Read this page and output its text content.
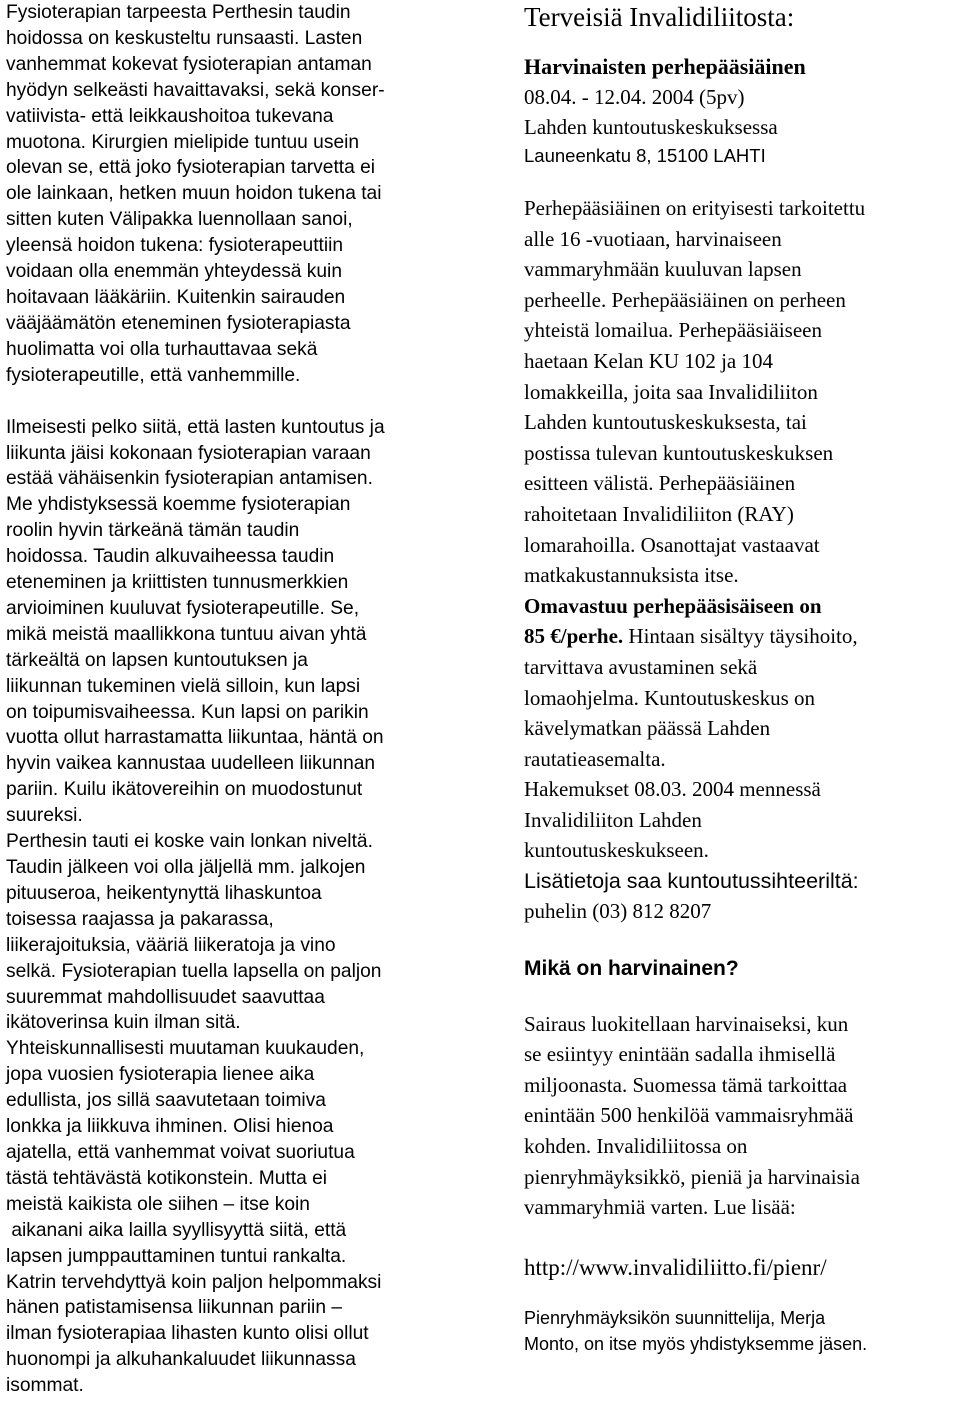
Fysioterapian tarpeesta Perthesin taudin

hoidossa on keskusteltu runsaasti. Lasten

vanhemmat kokevat fysioterapian antaman

hyödyn selkeästi havaittavaksi, sekä konser-

vatiivista- että leikkaushoitoa tukevana

muotona. Kirurgien mielipide tuntuu usein

olevan se, että joko fysioterapian tarvetta ei

ole lainkaan, hetken muun hoidon tukena tai

sitten kuten Välipakka luennollaan sanoi,

yleensä hoidon tukena: fysioterapeuttiin

voidaan olla enemmän yhteydessä kuin

hoitavaan lääkäriin. Kuitenkin sairauden

vääjäämätön eteneminen fysioterapiasta

huolimatta voi olla turhauttavaa sekä

fysioterapeutille, että vanhemmille.

Ilmeisesti pelko siitä, että lasten kuntoutus ja

liikunta jäisi kokonaan fysioterapian varaan

estää vähäisenkin fysioterapian antamisen.

Me yhdistyksessä koemme fysioterapian

roolin hyvin tärkeänä tämän taudin

hoidossa. Taudin alkuvaiheessa taudin

eteneminen ja kriittisten tunnusmerkkien

arvioiminen kuuluvat fysioterapeutille. Se,

mikä meistä maallikkona tuntuu aivan yhtä

tärkeältä on lapsen kuntoutuksen ja

liikunnan tukeminen vielä silloin, kun lapsi

on toipumisvaiheessa. Kun lapsi on parikin

vuotta ollut harrastamatta liikuntaa, häntä on

hyvin vaikea kannustaa uudelleen liikunnan

pariin. Kuilu ikätovereihin on muodostunut

suureksi.

Perthesin tauti ei koske vain lonkan niveltä.

Taudin jälkeen voi olla jäljellä mm. jalkojen

pituuseroa, heikentynyttä lihaskuntoa

toisessa raajassa ja pakarassa,

liikerajoituksia, vääriä liikeratoja ja vino

selkä. Fysioterapian tuella lapsella on paljon

suuremmat mahdollisuudet saavuttaa

ikätoverinsa kuin ilman sitä.

Yhteiskunnallisesti muutaman kuukauden,

jopa vuosien fysioterapia lienee aika

edullista, jos sillä saavutetaan toimiva

lonkka ja liikkuva ihminen. Olisi hienoa

ajatella, että vanhemmat voivat suoriutua

tästä tehtävästä kotikonstein. Mutta ei

meistä kaikista ole siihen – itse koin

aikanani aika lailla syyllisyyttä siitä, että

lapsen jumppauttaminen tuntui rankalta.

Katrin tervehdyttyä koin paljon helpommaksi

hänen patistamisensa liikunnan pariin –

ilman fysioterapiaa lihasten kunto olisi ollut

huonompi ja alkuhankaluudet liikunnassa

isommat.

Terveisiä Invalidiliitosta:

Harvinaisten perhepääsiäinen

08.04. - 12.04. 2004 (5pv)

Lahden kuntoutuskeskuksessa

Launeenkatu 8, 15100 LAHTI

Perhepääsiäinen on erityisesti tarkoitettu

alle 16 -vuotiaan, harvinaiseen

vammaryhmään kuuluvan lapsen

perheelle. Perhepääsiäinen on perheen

yhteistä lomailua. Perhepääsiäiseen

haetaan Kelan KU 102 ja 104

lomakkeilla, joita saa Invalidiliiton

Lahden kuntoutuskeskuksesta, tai

postissa tulevan kuntoutuskeskuksen

esitteen välistä. Perhepääsiäinen

rahoitetaan Invalidiliiton (RAY)

lomarahoilla. Osanottajat vastaavat

matkakustannuksista itse.

Omavastuu perhepääsisäiseen on

85 €/perhe. Hintaan sisältyy täysihoito,

tarvittava avustaminen sekä

lomaohjelma. Kuntoutuskeskus on

kävelymatkan päässä Lahden

rautatieasemalta.

Hakemukset 08.03. 2004 mennessä

Invalidiliiton Lahden

kuntoutuskeskukseen.

Lisätietoja saa kuntoutussihteeriltä:

puhelin (03) 812 8207

Mikä on harvinainen?

Sairaus luokitellaan harvinaiseksi, kun

se esiintyy enintään sadalla ihmisellä

miljoonasta. Suomessa tämä tarkoittaa

enintään 500 henkilöä vammaisryhmää

kohden. Invalidiliitossa on

pienryhmäyksikkö, pieniä ja harvinaisia

vammaryhmiä varten. Lue lisää:

http://www.invalidiliitto.fi/pienr/

Pienryhmäyksikön suunnittelija, Merja

Monto, on itse myös yhdistyksemme jäsen.
